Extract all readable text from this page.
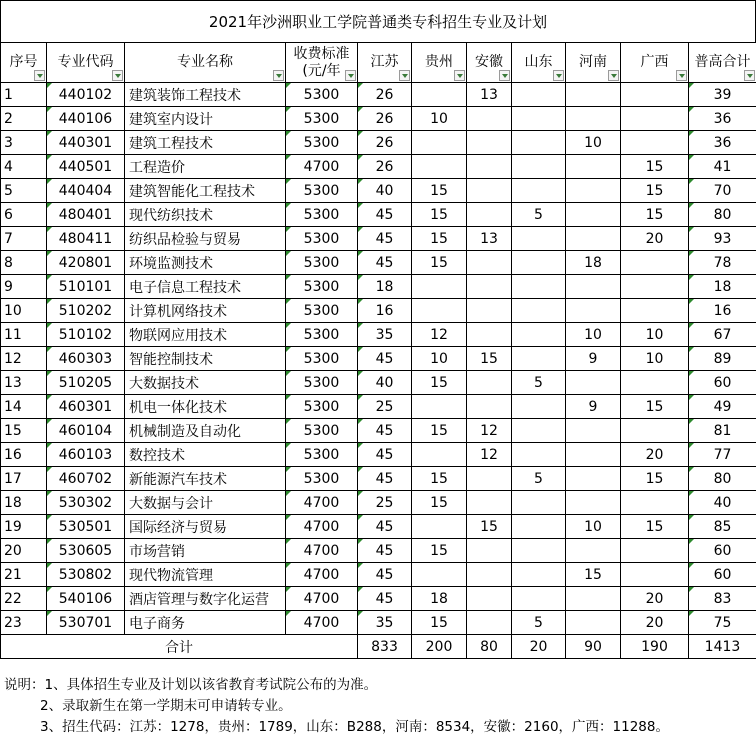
2021年沙洲职业工学院普通类专科招生专业及计划
序号	专业代码	专业名称	收费标准(元/年	江苏	贵州	安徽	山东	河南	广西	普高合计

1	440102	建筑装饰工程技术	5300	26		13				39
2	440106	建筑室内设计	5300	26	10					36
3	440301	建筑工程技术	5300	26				10		36
4	440501	工程造价	4700	26					15	41
5	440404	建筑智能化工程技术	5300	40	15				15	70
6	480401	现代纺织技术	5300	45	15		5		15	80
7	480411	纺织品检验与贸易	5300	45	15	13			20	93
8	420801	环境监测技术	5300	45	15			18		78
9	510101	电子信息工程技术	5300	18						18
10	510202	计算机网络技术	5300	16						16
11	510102	物联网应用技术	5300	35	12			10	10	67
12	460303	智能控制技术	5300	45	10	15		9	10	89
13	510205	大数据技术	5300	40	15		5			60
14	460301	机电一体化技术	5300	25				9	15	49
15	460104	机械制造及自动化	5300	45	15	12				81
16	460103	数控技术	5300	45		12			20	77
17	460702	新能源汽车技术	5300	45	15		5		15	80
18	530302	大数据与会计	4700	25	15					40
19	530501	国际经济与贸易	4700	45		15		10	15	85
20	530605	市场营销	4700	45	15					60
21	530802	现代物流管理	4700	45				15		60
22	540106	酒店管理与数字化运营	4700	45	18				20	83
23	530701	电子商务	4700	35	15		5		20	75
合计				833	200	80	20	90	190	1413
说明：1、具体招生专业及计划以该省教育考试院公布的为准。
2、录取新生在第一学期末可申请转专业。
3、招生代码：江苏：1278，贵州：1789，山东：B288，河南：8534，安徽：2160，广西：11288。
